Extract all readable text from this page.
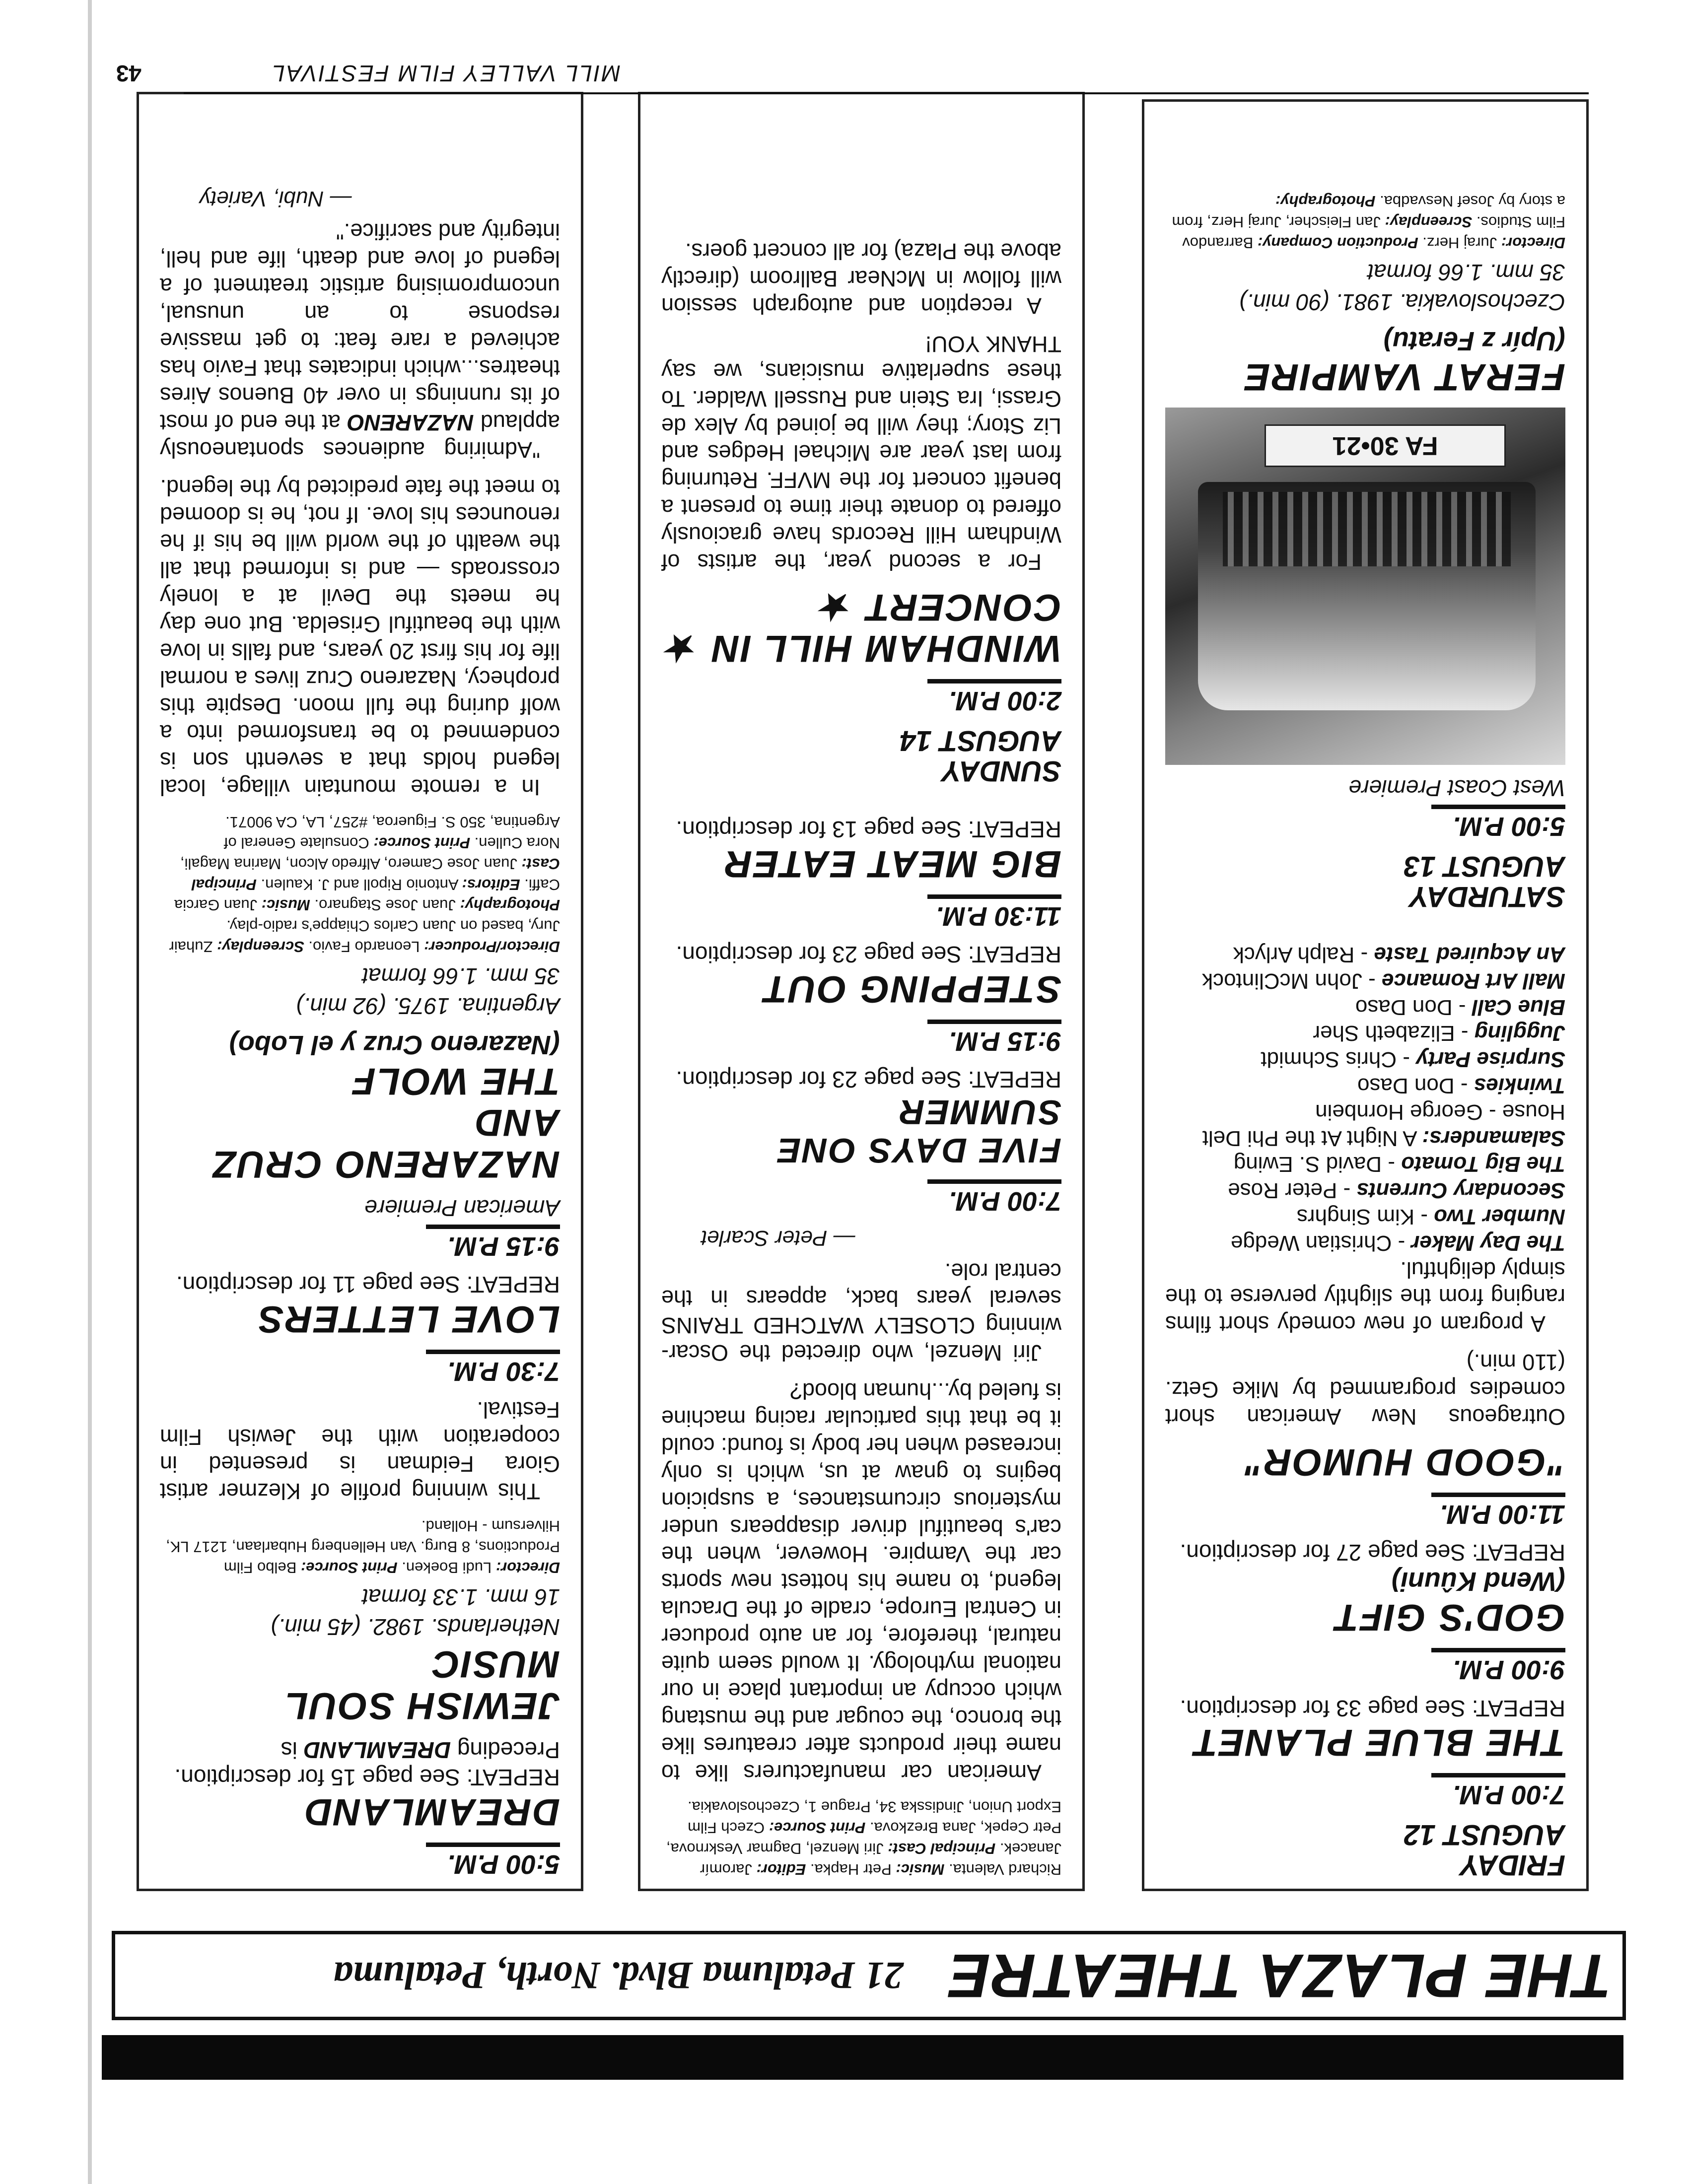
THE PLAZA THEATRE
21 Petaluma Blvd. North, Petaluma

FRIDAY

AUGUST 12

7:00 P.M.

THE BLUE PLANET

REPEAT: See page 33 for description.

9:00 P.M.

GOD'S GIFT

(Wend Kûuni)

REPEAT: See page 27 for description.

11:00 P.M.

"GOOD HUMOR"

Outrageous New American short comedies programmed by Mike Getz. (110 min.)

A program of new comedy short films ranging from the slightly perverse to the simply delightful.

The Day Maker - Christian Wedge
Number Two - Kim Singhrs
Secondary Currents - Peter Rose
The Big Tomato - David S. Ewing
Salamanders: A Night At the Phi Delt House - George Hornbein
Twinkies - Don Daso
Surprise Party - Chris Schmidt
Juggling - Elizabeth Sher
Blue Call - Don Daso
Mall Art Romance - John McClintock
An Acquired Taste - Ralph Arlyck

SATURDAY

AUGUST 13

5:00 P.M.

West Coast Premiere

FA 30•21

FERAT VAMPIRE

(Upír z Feratu)

Czechoslovakia. 1981. (90 min.)

35 mm. 1.66 format

Director: Juraj Herz. Production Company: Barrandov Film Studios. Screenplay: Jan Fleischer, Juraj Herz, from a story by Josef Nesvadba. Photography:

Richard Valenta. Music: Petr Hapka. Editor: Jaromír Janacek. Principal Cast: Jiri Menzel, Dagmar Veskrnova, Petr Cepek, Jana Brezkova. Print Source: Czech Film Export Union, Jindisska 34, Prague 1, Czechoslovakia.

American car manufacturers like to name their products after creatures like the bronco, the cougar and the mustang which occupy an important place in our national mythology. It would seem quite natural, therefore, for an auto producer in Central Europe, cradle of the Dracula legend, to name his hottest new sports car the Vampire. However, when the car's beautiful driver disappears under mysterious circumstances, a suspicion begins to gnaw at us, which is only increased when her body is found: could it be that this particular racing machine is fueled by...human blood?

Jiri Menzel, who directed the Oscar-winning CLOSELY WATCHED TRAINS several years back, appears in the central role.

— Peter Scarlet

7:00 P.M.

FIVE DAYS ONE SUMMER

REPEAT: See page 23 for description.

9:15 P.M.

STEPPING OUT

REPEAT: See page 23 for description.

11:30 P.M.

BIG MEAT EATER

REPEAT: See page 13 for description.

SUNDAY

AUGUST 14

2:00 P.M.

WINDHAM HILL IN ★

CONCERT ★

For a second year, the artists of Windham Hill Records have graciously offered to donate their time to present a benefit concert for the MVFF. Returning from last year are Michael Hedges and Liz Story; they will be joined by Alex de Grassi, Ira Stein and Russell Walder. To these superlative musicians, we say THANK YOU!

A reception and autograph session will follow in McNear Ballroom (directly above the Plaza) for all concert goers.

5:00 P.M.

DREAMLAND

REPEAT: See page 15 for description.

Preceding DREAMLAND is

JEWISH SOUL MUSIC

Netherlands. 1982. (45 min.)

16 mm. 1.33 format

Director: Ludi Boeken. Print Source: Belbo Film Productions, 8 Burg. Van Hellenberg Hubarlaan, 1217 LK, Hilversum - Holland.

This winning profile of Klezmer artist Giora Feidman is presented in cooperation with the Jewish Film Festival.

7:30 P.M.

LOVE LETTERS

REPEAT: See page 11 for description.

9:15 P.M.

American Premiere

NAZARENO CRUZ AND

THE WOLF

(Nazareno Cruz y el Lobo)

Argentina. 1975. (92 min.)

35 mm. 1.66 format

Director/Producer: Leonardo Favio. Screenplay: Zuhair Jury, based on Juan Carlos Chiappe's radio-play. Photography: Juan Jose Stagnaro. Music: Juan Garcia Caffi. Editors: Antonio Ripoll and J. Kaulen. Principal Cast: Juan Jose Camero, Alfredo Alcon, Marina Magali, Nora Cullen. Print Source: Consulate General of Argentina, 350 S. Figueroa, #257, LA, CA 90071.

In a remote mountain village, local legend holds that a seventh son is condemned to be transformed into a wolf during the full moon. Despite this prophecy, Nazareno Cruz lives a normal life for his first 20 years, and falls in love with the beautiful Griselda. But one day he meets the Devil at a lonely crossroads — and is informed that all the wealth of the world will be his if he renounces his love. If not, he is doomed to meet the fate predicted by the legend.

"Admiring audiences spontaneously applaud NAZARENO at the end of most of its runnings in over 40 Buenos Aires theatres...which indicates that Favio has achieved a rare feat: to get massive response to an unusual, uncompromising artistic treatment of a legend of love and death, life and hell, integrity and sacrifice."

— Nubi, Variety

MILL VALLEY FILM FESTIVAL
43
